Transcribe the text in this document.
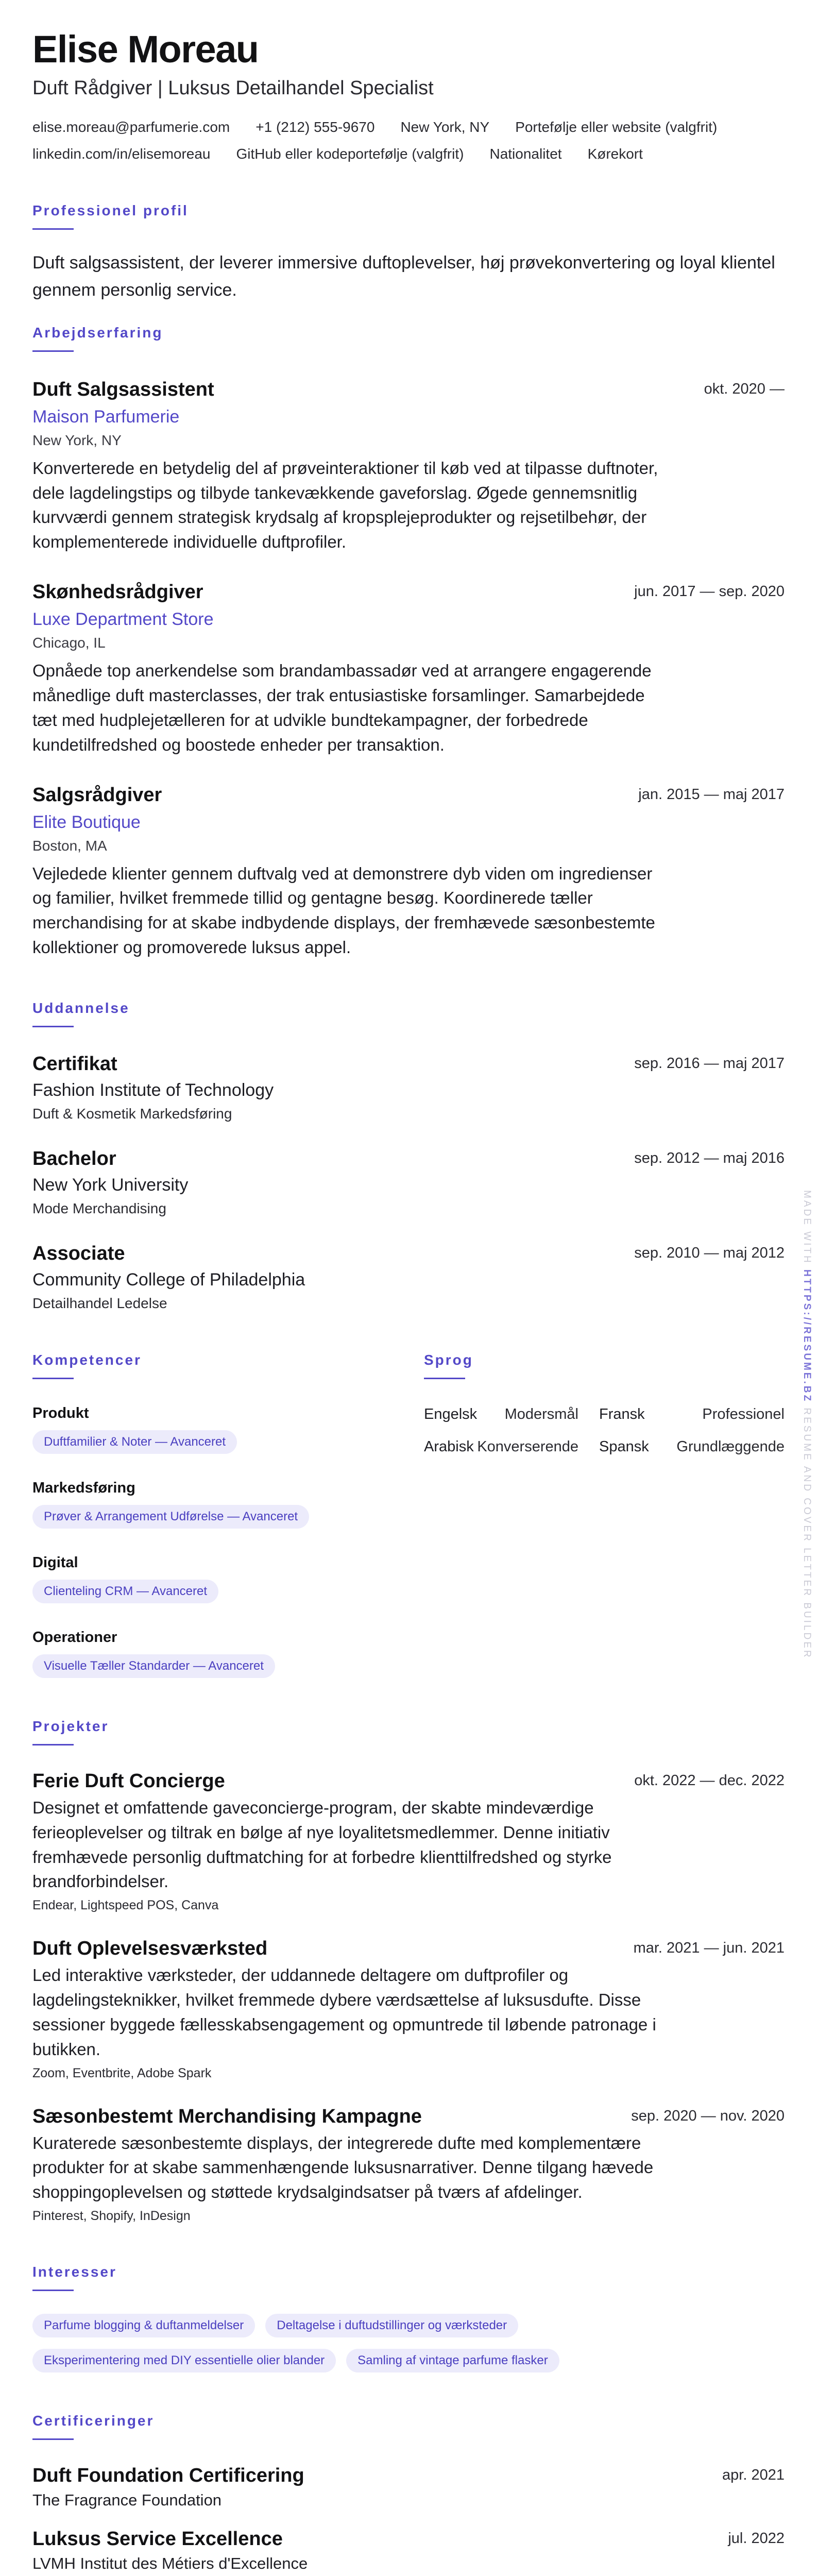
Elise Moreau
Duft Rådgiver | Luksus Detailhandel Specialist
elise.moreau@parfumerie.com +1 (212) 555-9670 New York, NY Portefølje eller website (valgfrit)
linkedin.com/in/elisemoreau GitHub eller kodeportefølje (valgfrit) Nationalitet Kørekort
Professionel profil

Duft salgsassistent, der leverer immersive duftoplevelser, høj prøvekonvertering og loyal klientel gennem personlig service.

Arbejdserfaring
okt. 2020 —
Duft Salgsassistent
Maison Parfumerie
New York, NY
Konverterede en betydelig del af prøveinteraktioner til køb ved at tilpasse duftnoter, dele lagdelingstips og tilbyde tankevækkende gaveforslag. Øgede gennemsnitlig kurvværdi gennem strategisk krydsalg af kropsplejeprodukter og rejsetilbehør, der komplementerede individuelle duftprofiler.
jun. 2017 — sep. 2020
Skønhedsrådgiver
Luxe Department Store
Chicago, IL
Opnåede top anerkendelse som brandambassadør ved at arrangere engagerende månedlige duft masterclasses, der trak entusiastiske forsamlinger. Samarbejdede tæt med hudplejetælleren for at udvikle bundtekampagner, der forbedrede kundetilfredshed og boostede enheder per transaktion.
jan. 2015 — maj 2017
Salgsrådgiver
Elite Boutique
Boston, MA
Vejledede klienter gennem duftvalg ved at demonstrere dyb viden om ingredienser og familier, hvilket fremmede tillid og gentagne besøg. Koordinerede tæller merchandising for at skabe indbydende displays, der fremhævede sæsonbestemte kollektioner og promoverede luksus appel.
Uddannelse
sep. 2016 — maj 2017
Certifikat
Fashion Institute of Technology
Duft & Kosmetik Markedsføring
sep. 2012 — maj 2016
Bachelor
New York University
Mode Merchandising
sep. 2010 — maj 2012
Associate
Community College of Philadelphia
Detailhandel Ledelse
Kompetencer
Produkt
Duftfamilier & Noter — Avanceret
Markedsføring
Prøver & Arrangement Udførelse — Avanceret
Digital
Clienteling CRM — Avanceret
Operationer
Visuelle Tæller Standarder — Avanceret
Sprog
Engelsk Modersmål Fransk	Professionel
Arabisk Konverserende Spansk Grundlæggende
Projekter
okt. 2022 — dec. 2022
Ferie Duft Concierge
Designet et omfattende gaveconcierge-program, der skabte mindeværdige ferieoplevelser og tiltrak en bølge af nye loyalitetsmedlemmer. Denne initiativ fremhævede personlig duftmatching for at forbedre klienttilfredshed og styrke brandforbindelser.
Endear, Lightspeed POS, Canva
mar. 2021 — jun. 2021
Duft Oplevelsesværksted
Led interaktive værksteder, der uddannede deltagere om duftprofiler og lagdelingsteknikker, hvilket fremmede dybere værdsættelse af luksusdufte. Disse sessioner byggede fællesskabsengagement og opmuntrede til løbende patronage i butikken.
Zoom, Eventbrite, Adobe Spark
sep. 2020 — nov. 2020
Sæsonbestemt Merchandising Kampagne
Kuraterede sæsonbestemte displays, der integrerede dufte med komplementære produkter for at skabe sammenhængende luksusnarrativer. Denne tilgang hævede shoppingoplevelsen og støttede krydsalgindsatser på tværs af afdelinger.
Pinterest, Shopify, InDesign
Interesser
Parfume blogging & duftanmeldelser	Deltagelse i duftudstillinger og værksteder
Eksperimentering med DIY essentielle olier blander	Samling af vintage parfume flasker
Certificeringer
apr. 2021
Duft Foundation Certificering
The Fragrance Foundation
jul. 2022
Luksus Service Excellence
LVMH Institut des Métiers d'Excellence
MADE WITH HTTPS://RESUME.BZ RESUME AND COVER LETTER BUILDER
